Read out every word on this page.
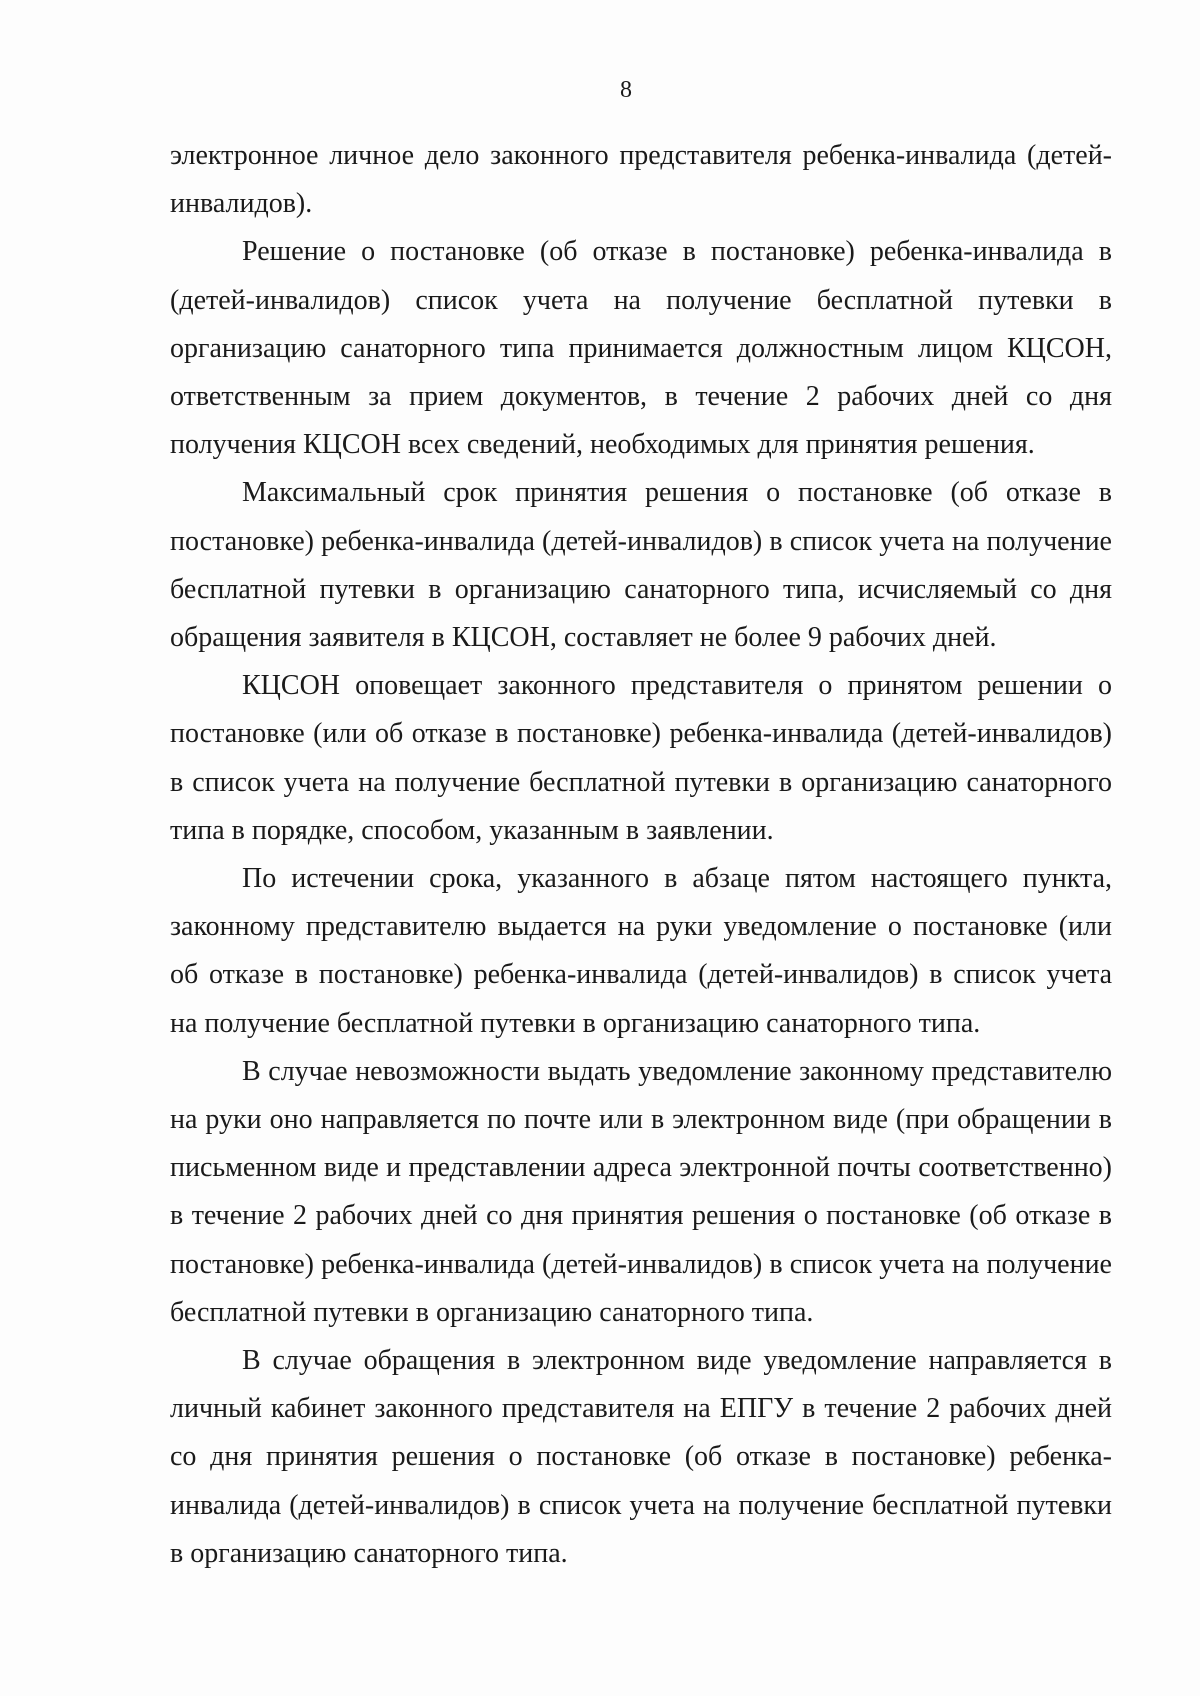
8

электронное личное дело законного представителя ребенка-инвалида (детей-инвалидов).

Решение о постановке (об отказе в постановке) ребенка-инвалида в (детей-инвалидов) список учета на получение бесплатной путевки в организацию санаторного типа принимается должностным лицом КЦСОН, ответственным за прием документов, в течение 2 рабочих дней со дня получения КЦСОН всех сведений, необходимых для принятия решения.

Максимальный срок принятия решения о постановке (об отказе в постановке) ребенка-инвалида (детей-инвалидов) в список учета на получение бесплатной путевки в организацию санаторного типа, исчисляемый со дня обращения заявителя в КЦСОН, составляет не более 9 рабочих дней.

КЦСОН оповещает законного представителя о принятом решении о постановке (или об отказе в постановке) ребенка-инвалида (детей-инвалидов) в список учета на получение бесплатной путевки в организацию санаторного типа в порядке, способом, указанным в заявлении.

По истечении срока, указанного в абзаце пятом настоящего пункта, законному представителю выдается на руки уведомление о постановке (или об отказе в постановке) ребенка-инвалида (детей-инвалидов) в список учета на получение бесплатной путевки в организацию санаторного типа.

В случае невозможности выдать уведомление законному представителю на руки оно направляется по почте или в электронном виде (при обращении в письменном виде и представлении адреса электронной почты соответственно) в течение 2 рабочих дней со дня принятия решения о постановке (об отказе в постановке) ребенка-инвалида (детей-инвалидов) в список учета на получение бесплатной путевки в организацию санаторного типа.

В случае обращения в электронном виде уведомление направляется в личный кабинет законного представителя на ЕПГУ в течение 2 рабочих дней со дня принятия решения о постановке (об отказе в постановке) ребенка-инвалида (детей-инвалидов) в список учета на получение бесплатной путевки в организацию санаторного типа.
